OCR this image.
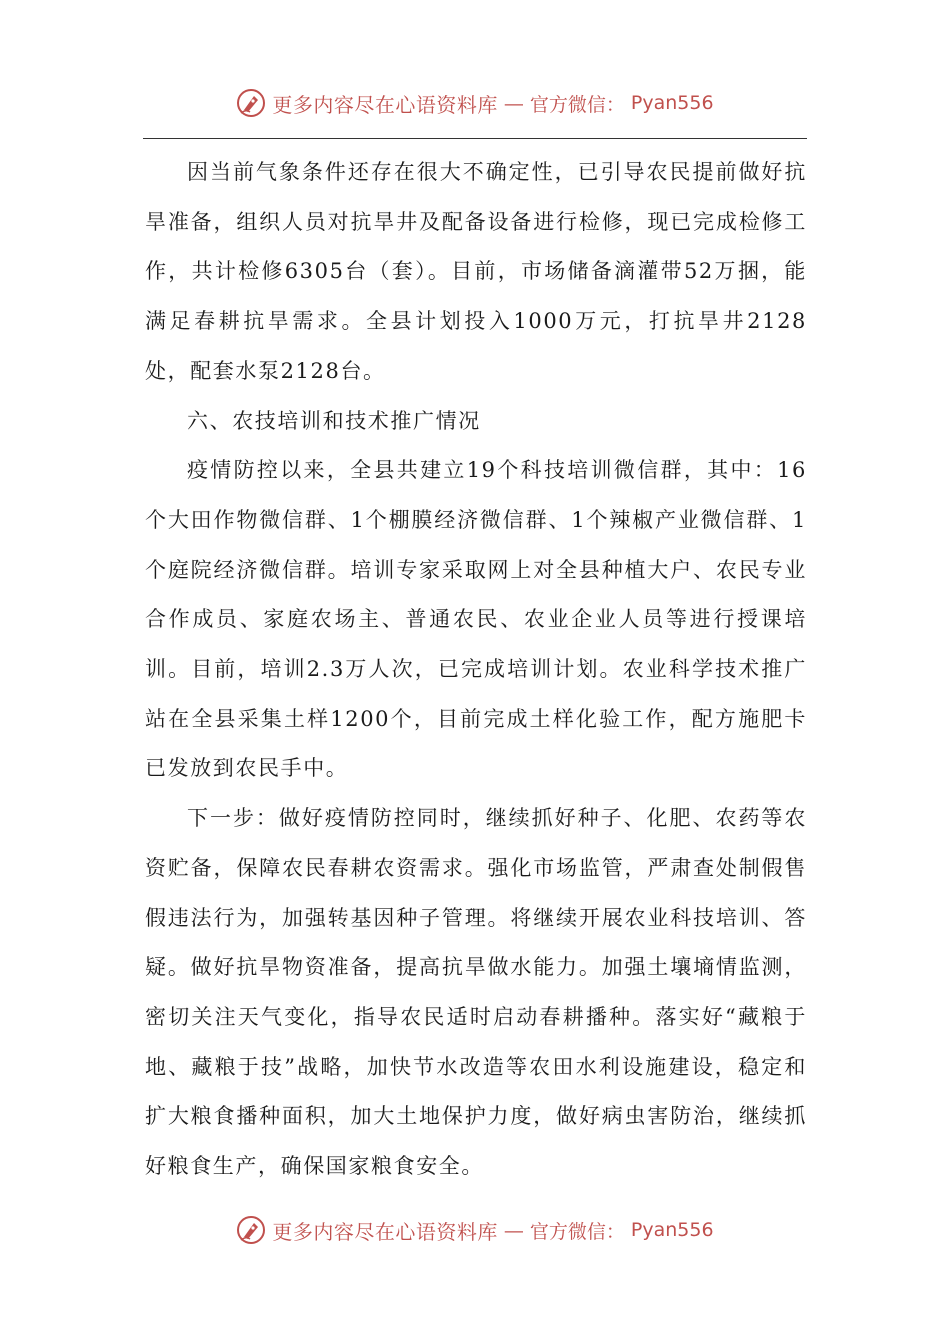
更多内容尽在心语资料库 — 官方微信： Pyan556

因当前气象条件还存在很大不确定性，已引导农民提前做好抗旱准备，组织人员对抗旱井及配备设备进行检修，现已完成检修工作，共计检修6305台（套）。目前，市场储备滴灌带52万捆，能满足春耕抗旱需求。全县计划投入1000万元，打抗旱井2128处，配套水泵2128台。

六、农技培训和技术推广情况

疫情防控以来，全县共建立19个科技培训微信群，其中：16个大田作物微信群、1个棚膜经济微信群、1个辣椒产业微信群、1个庭院经济微信群。培训专家采取网上对全县种植大户、农民专业合作成员、家庭农场主、普通农民、农业企业人员等进行授课培训。目前，培训2.3万人次，已完成培训计划。农业科学技术推广站在全县采集土样1200个，目前完成土样化验工作，配方施肥卡已发放到农民手中。

下一步：做好疫情防控同时，继续抓好种子、化肥、农药等农资贮备，保障农民春耕农资需求。强化市场监管，严肃查处制假售假违法行为，加强转基因种子管理。将继续开展农业科技培训、答疑。做好抗旱物资准备，提高抗旱做水能力。加强土壤墒情监测，密切关注天气变化，指导农民适时启动春耕播种。落实好“藏粮于地、藏粮于技”战略，加快节水改造等农田水利设施建设，稳定和扩大粮食播种面积，加大土地保护力度，做好病虫害防治，继续抓好粮食生产，确保国家粮食安全。

更多内容尽在心语资料库 — 官方微信： Pyan556
